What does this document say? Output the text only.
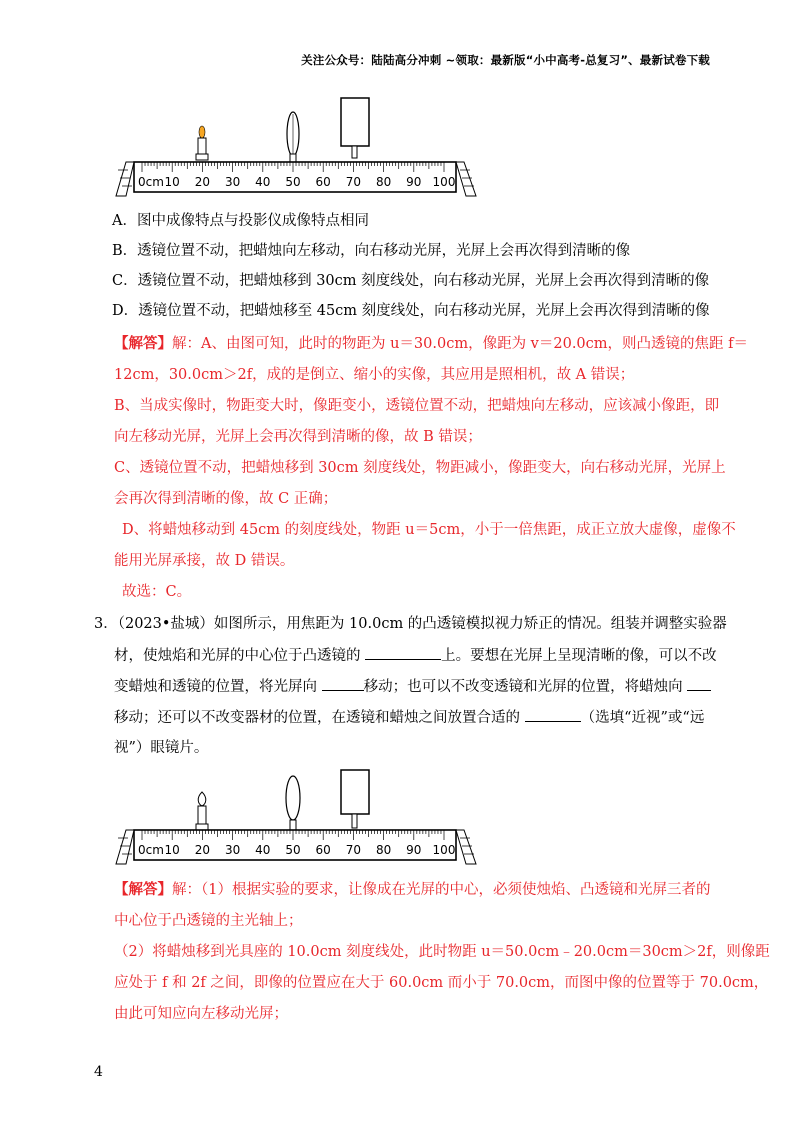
关注公众号：陆陆高分冲刺 ~领取：最新版“小中高考-总复习”、最新试卷下载
0cm 10 20 30 40 50 60 70 80 90 100
A．图中成像特点与投影仪成像特点相同
B．透镜位置不动，把蜡烛向左移动，向右移动光屏，光屏上会再次得到清晰的像
C．透镜位置不动，把蜡烛移到 30cm 刻度线处，向右移动光屏，光屏上会再次得到清晰的像
D．透镜位置不动，把蜡烛移至 45cm 刻度线处，向右移动光屏，光屏上会再次得到清晰的像
【解答】解：A、由图可知，此时的物距为 u＝30.0cm，像距为 v＝20.0cm，则凸透镜的焦距 f＝
12cm，30.0cm＞2f，成的是倒立、缩小的实像，其应用是照相机，故 A 错误；
B、当成实像时，物距变大时，像距变小，透镜位置不动，把蜡烛向左移动，应该减小像距，即
向左移动光屏，光屏上会再次得到清晰的像，故 B 错误；
C、透镜位置不动，把蜡烛移到 30cm 刻度线处，物距减小，像距变大，向右移动光屏，光屏上
会再次得到清晰的像，故 C 正确；
D、将蜡烛移动到 45cm 的刻度线处，物距 u＝5cm，小于一倍焦距，成正立放大虚像，虚像不
能用光屏承接，故 D 错误。
故选：C。
3．（2023•盐城）如图所示，用焦距为 10.0cm 的凸透镜模拟视力矫正的情况。组装并调整实验器
材，使烛焰和光屏的中心位于凸透镜的	上。要想在光屏上呈现清晰的像，可以不改
变蜡烛和透镜的位置，将光屏向	移动；也可以不改变透镜和光屏的位置，将蜡烛向
移动；还可以不改变器材的位置，在透镜和蜡烛之间放置合适的	（选填“近视”或“远
视”）眼镜片。
0cm 10 20 30 40 50 60 70 80 90 100
【解答】解：（1）根据实验的要求，让像成在光屏的中心，必须使烛焰、凸透镜和光屏三者的
中心位于凸透镜的主光轴上；
（2）将蜡烛移到光具座的 10.0cm 刻度线处，此时物距 u＝50.0cm﹣20.0cm＝30cm＞2f，则像距
应处于 f 和 2f 之间，即像的位置应在大于 60.0cm 而小于 70.0cm，而图中像的位置等于 70.0cm，
由此可知应向左移动光屏；
4
